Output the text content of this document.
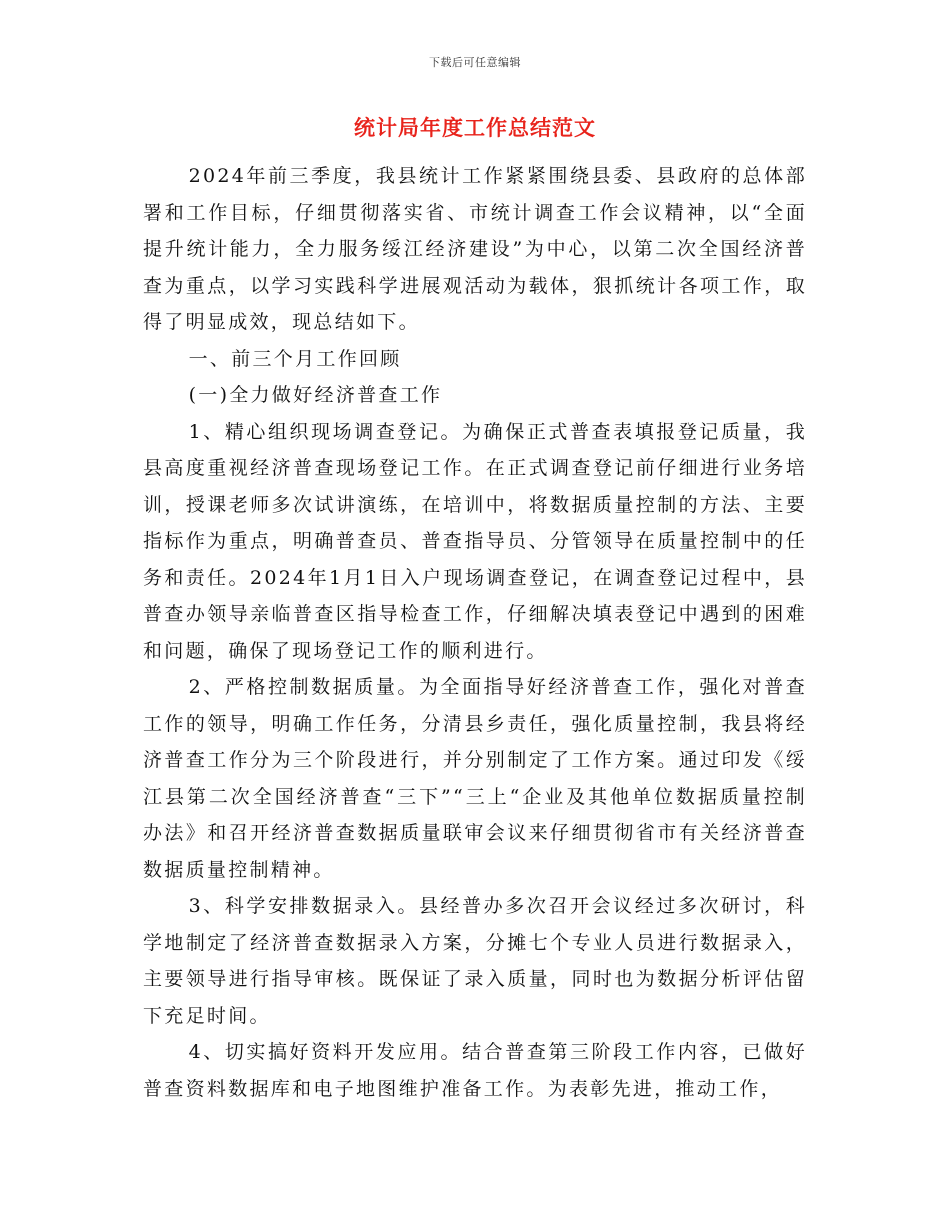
下载后可任意编辑
统计局年度工作总结范文

2024年前三季度，我县统计工作紧紧围绕县委、县政府的总体部署和工作目标，仔细贯彻落实省、市统计调查工作会议精神，以“全面提升统计能力，全力服务绥江经济建设”为中心，以第二次全国经济普查为重点，以学习实践科学进展观活动为载体，狠抓统计各项工作，取得了明显成效，现总结如下。

一、前三个月工作回顾

(一)全力做好经济普查工作

1、精心组织现场调查登记。为确保正式普查表填报登记质量，我县高度重视经济普查现场登记工作。在正式调查登记前仔细进行业务培训，授课老师多次试讲演练，在培训中，将数据质量控制的方法、主要指标作为重点，明确普查员、普查指导员、分管领导在质量控制中的任务和责任。2024年1月1日入户现场调查登记，在调查登记过程中，县普查办领导亲临普查区指导检查工作，仔细解决填表登记中遇到的困难和问题，确保了现场登记工作的顺利进行。

2、严格控制数据质量。为全面指导好经济普查工作，强化对普查工作的领导，明确工作任务，分清县乡责任，强化质量控制，我县将经济普查工作分为三个阶段进行，并分别制定了工作方案。通过印发《绥江县第二次全国经济普查“三下”“三上“企业及其他单位数据质量控制办法》和召开经济普查数据质量联审会议来仔细贯彻省市有关经济普查数据质量控制精神。

3、科学安排数据录入。县经普办多次召开会议经过多次研讨，科学地制定了经济普查数据录入方案，分摊七个专业人员进行数据录入，主要领导进行指导审核。既保证了录入质量，同时也为数据分析评估留下充足时间。

4、切实搞好资料开发应用。结合普查第三阶段工作内容，已做好普查资料数据库和电子地图维护准备工作。为表彰先进，推动工作，
